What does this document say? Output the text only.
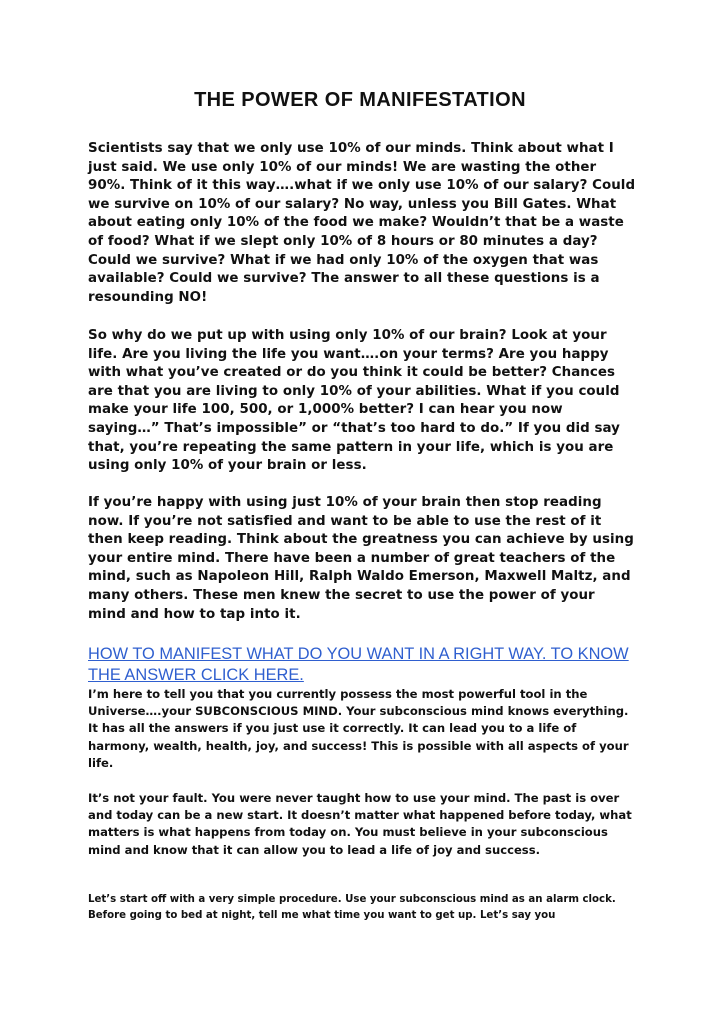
THE POWER OF MANIFESTATION
Scientists say that we only use 10% of our minds. Think about what I just said. We use only 10% of our minds! We are wasting the other 90%. Think of it this way….what if we only use 10% of our salary? Could we survive on 10% of our salary? No way, unless you Bill Gates. What about eating only 10% of the food we make? Wouldn’t that be a waste of food? What if we slept only 10% of 8 hours or 80 minutes a day? Could we survive? What if we had only 10% of the oxygen that was available? Could we survive? The answer to all these questions is a resounding NO!
So why do we put up with using only 10% of our brain? Look at your life. Are you living the life you want….on your terms? Are you happy with what you’ve created or do you think it could be better? Chances are that you are living to only 10% of your abilities. What if you could make your life 100, 500, or 1,000% better? I can hear you now saying…” That’s impossible” or “that’s too hard to do.” If you did say that, you’re repeating the same pattern in your life, which is you are using only 10% of your brain or less.
If you’re happy with using just 10% of your brain then stop reading now. If you’re not satisfied and want to be able to use the rest of it then keep reading. Think about the greatness you can achieve by using your entire mind. There have been a number of great teachers of the mind, such as Napoleon Hill, Ralph Waldo Emerson, Maxwell Maltz, and many others. These men knew the secret to use the power of your mind and how to tap into it.
HOW TO MANIFEST WHAT DO YOU WANT IN A RIGHT WAY. TO KNOW THE ANSWER CLICK HERE.
I’m here to tell you that you currently possess the most powerful tool in the Universe….your SUBCONSCIOUS MIND. Your subconscious mind knows everything. It has all the answers if you just use it correctly. It can lead you to a life of harmony, wealth, health, joy, and success! This is possible with all aspects of your life.
It’s not your fault. You were never taught how to use your mind. The past is over and today can be a new start. It doesn’t matter what happened before today, what matters is what happens from today on. You must believe in your subconscious mind and know that it can allow you to lead a life of joy and success.
Let’s start off with a very simple procedure. Use your subconscious mind as an alarm clock. Before going to bed at night, tell me what time you want to get up. Let’s say you
